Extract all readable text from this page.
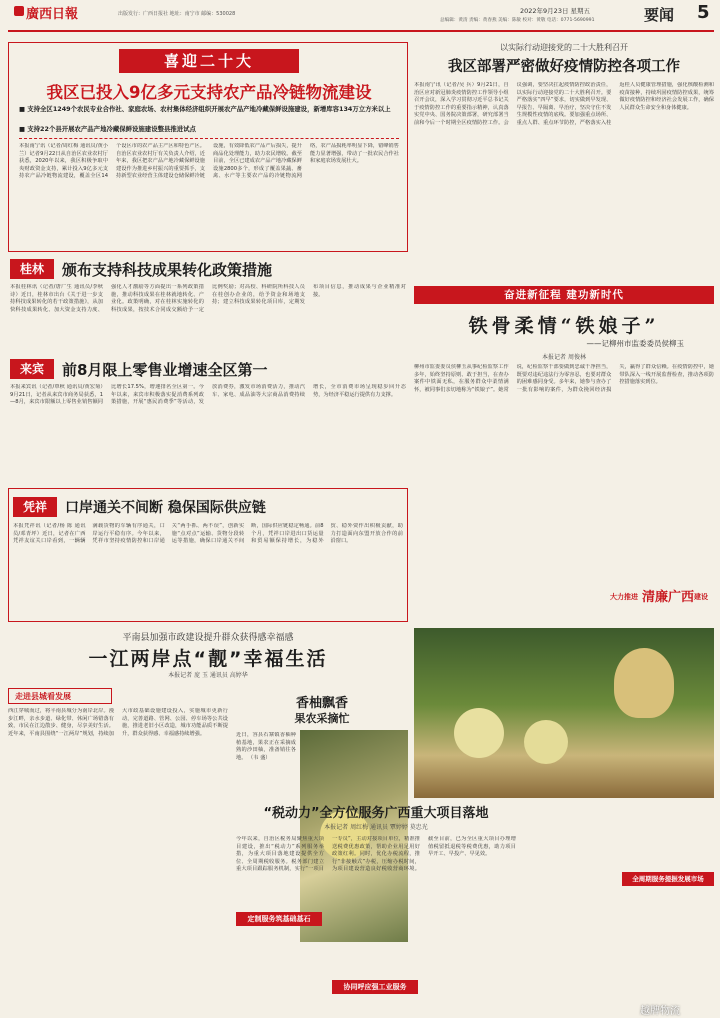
廣西日報	出版发行：广西日报社 地址：南宁市 邮编：530028	2022年9月23日 星期五
总编辑：黄清 责编：黄春燕 美编：陈敏 校对：黄敬 电话：0771-5690991	要闻 5
喜迎二十大
我区已投入9亿多元支持农产品冷链物流建设
■ 支持全区1249个农民专业合作社、家庭农场、农村集体经济组织开展农产品产地冷藏保鲜设施建设，新增库容134万立方米以上
■ 支持22个县开展农产品产地冷藏保鲜设施建设整县推进试点
本报南宁讯（记者/周红梅 通讯员/黄小兰）记者9月22日从自治区农业农村厅获悉，2020年以来，我区积极争取中央财政资金支持，累计投入9亿多元支持农产品冷链物流建设，覆盖全区14个设区市的农产品主产区和特色产区。自治区农业农村厅有关负责人介绍，近年来，我区把农产品产地冷藏保鲜设施建设作为推进乡村振兴的重要抓手，支持新型农业经营主体建设仓储保鲜冷链设施，有效降低农产品产后损失，提升商品化处理能力，助力农民增收。截至目前，全区已建成农产品产地冷藏保鲜设施2800多个，形成了覆盖果蔬、畜禽、水产等主要农产品的冷链物流网络，农产品损耗率明显下降，错峰销售能力显著增强，带动了一批农民合作社和家庭农场发展壮大。
以实际行动迎接党的二十大胜利召开
我区部署严密做好疫情防控各项工作
本报南宁讯（记者/吴 兵）9月21日，自治区应对新冠肺炎疫情防控工作领导小组召开会议，深入学习贯彻习近平总书记关于疫情防控工作的重要指示精神，认真落实党中央、国务院决策部署，研究部署当前和今后一个时期全区疫情防控工作。会议强调，要坚决扛起疫情防控政治责任，以实际行动迎接党的二十大胜利召开。要严格落实“四早”要求，切实做到早发现、早报告、早隔离、早治疗，坚决守住不发生规模性疫情的底线。要加强重点场所、重点人群、重点环节防控，严格落实入桂返桂人员健康管理措施，强化核酸检测和疫苗接种，持续巩固疫情防控成果，统筹做好疫情防控和经济社会发展工作，确保人民群众生命安全和身体健康。
桂林	颁布支持科技成果转化政策措施
本报桂林讯（记者/唐广生 通讯员/李秋诗）近日，桂林市出台《关于进一步支持科技成果转化的若干政策措施》，从加快科技成果转化、加大资金支持力度、强化人才激励等方面提出一系列政策措施，推动科技成果在桂林就地转化、产业化。政策明确，对在桂林实施转化的科技成果，按技术合同成交额给予一定比例奖励；对高校、科研院所科技人员在桂创办企业的，给予资金和场地支持；建立科技成果转化项目库，定期发布项目信息，推动成果与企业精准对接。
来宾	前8月限上零售业增速全区第一
本报来宾讯（记者/覃秋 通讯员/黄宏菊）9月21日，记者从来宾市商务局获悉，1—8月，来宾市限额以上零售业销售额同比增长17.5%，增速排名全区第一。今年以来，来宾市积极落实促消费系列政策措施，开展“惠民消费季”等活动，发放消费券，激发市场消费活力，推动汽车、家电、成品油等大宗商品消费持续增长，全市消费市场呈现稳步回升态势，为经济平稳运行提供有力支撑。
凭祥	口岸通关不间断 稳保国际供应链
本报凭祥讯（记者/杨 陈 通讯员/邓青坪）近日，记者在广西凭祥友谊关口岸看到，一辆辆满载货物的车辆有序通关，口岸运行平稳有序。今年以来，凭祥市坚持疫情防控和口岸通关“两手抓、两不误”，创新实施“点对点”运输、货物分段转运等措施，确保口岸通关不间断，国际供应链稳定畅通。前8个月，凭祥口岸进出口货运量和贸易额保持增长，为稳外贸、稳外资作出积极贡献，助力打造面向东盟开放合作的前沿窗口。
奋进新征程 建功新时代
铁骨柔情“铁娘子”
——记柳州市监委委员侯柳玉
本报记者 周俊林
柳州市监委委员侯柳玉从事纪检监察工作多年，始终坚持原则、敢于担当，在查办案件中铁面无私，在服务群众中柔情满怀，被同事们亲切地称为“铁娘子”。她常说，纪检监察干部要做到忠诚干净担当，既要对违纪违法行为零容忍，也要对群众的困难感同身受。多年来，她参与查办了一批有影响的案件，为群众挽回经济损失，赢得了群众信赖。在疫情防控中，她带队深入一线开展监督检查，推动各项防控措施落实到位。
大力推进 清廉广西 建设
平南县加强市政建设提升群众获得感幸福感
一江两岸点“靓”幸福生活
本报记者 庞 玉 通讯员 高婷华
走进县城看发展
西江穿城而过，将平南县城分为南岸北岸。漫步江畔，亲水步道、绿化带、休闲广场错落有致，市民在江边散步、健身，尽享美好生活。近年来，平南县围绕“一江两岸”规划，持续加大市政基础设施建设投入，实施城市更新行动，完善道路、管网、公园、停车场等公共设施，推进老旧小区改造，城市功能品质不断提升，群众获得感、幸福感持续增强。
香柚飘香
果农采摘忙
近日，容县石寨镇香柚种植基地，果农正在采摘成熟的沙田柚，准备销往各地。 （韦 盛）
“税动力”全方位服务广西重大项目落地
本报记者 周红梅 通讯员 覃婷婷 莫忠光
今年以来，自治区税务局聚焦重大项目建设，推出“税动力”系列服务举措，为重大项目落地建设提供全方位、全周期税收服务。税务部门建立重大项目跟踪服务机制，实行“一项目一专员”，主动对接项目单位，精准推送税费优惠政策，帮助企业用足用好政策红利。同时，优化办税流程，推行“非接触式”办税，压缩办税时间，为项目建设营造良好税收营商环境。截至目前，已为全区重大项目办理增值税留抵退税等税费优惠，助力项目早开工、早投产、早见效。
定制服务筑基础基石
协同呼应强工业服务
全周期服务提振发展市场
越牌物流
